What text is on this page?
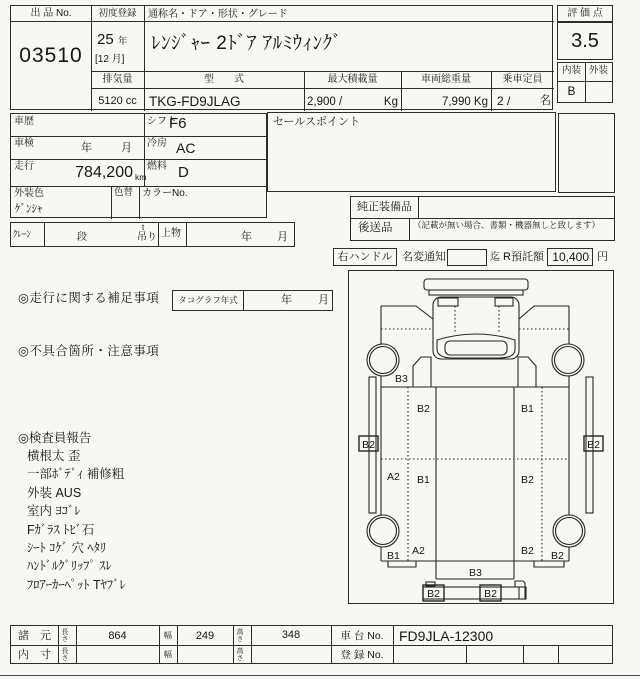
出 品 No.
03510
初度登録
25 年
[12 月]
排気量
5120 cc
通称名・ドア・形状・グレード
ﾚﾝｼﾞｬｰ 2ﾄﾞｱ ｱﾙﾐｳｨﾝｸﾞ
型　　式
TKG-FD9JLAG
最大積載量
2,900 /	Kg
車両総重量
7,990 Kg
乗車定員
2 /	名
評 価 点
3.5
内装 外装
B
車歴	シフト
F6
車検	年	月 冷房 AC
走行	784,200 km
燃料 D
外装色
ｹﾞﾝｼｬ
色替 カラーNo.
ｸﾚｰﾝ	段
t
吊り 上物	年 月
セールスポイント
純正装備品
後送品 （記載が無い場合、書類・機器無しと致します）
右ハンドル 名変通知	迄 R預託額 10,400 円
◎走行に関する補足事項	タコグラフ年式	年 月
◎不具合箇所・注意事項
◎検査員報告
横根太 歪
一部ﾎﾞﾃﾞｨ 補修粗
外装 AUS
室内 ﾖｺﾞﾚ
Fｶﾞﾗｽ ﾄﾋﾞ石
ｼｰﾄ ｺｹﾞ 穴 ﾍﾀﾘ
ﾊﾝﾄﾞﾙｸﾞﾘｯﾌﾟ ｽﾚ
ﾌﾛｱｰｶｰﾍﾟｯﾄ Tﾔﾌﾞﾚ
B3
B2	B1
B2	B2
A2 B1	B2
B1 A2	B2 B2
B3
B2	B2
諸　元	長さ	864	幅	249	高さ	348	車 台 No.	FD9JLA-12300
内　寸	長さ	幅	高さ	登 録 No.
